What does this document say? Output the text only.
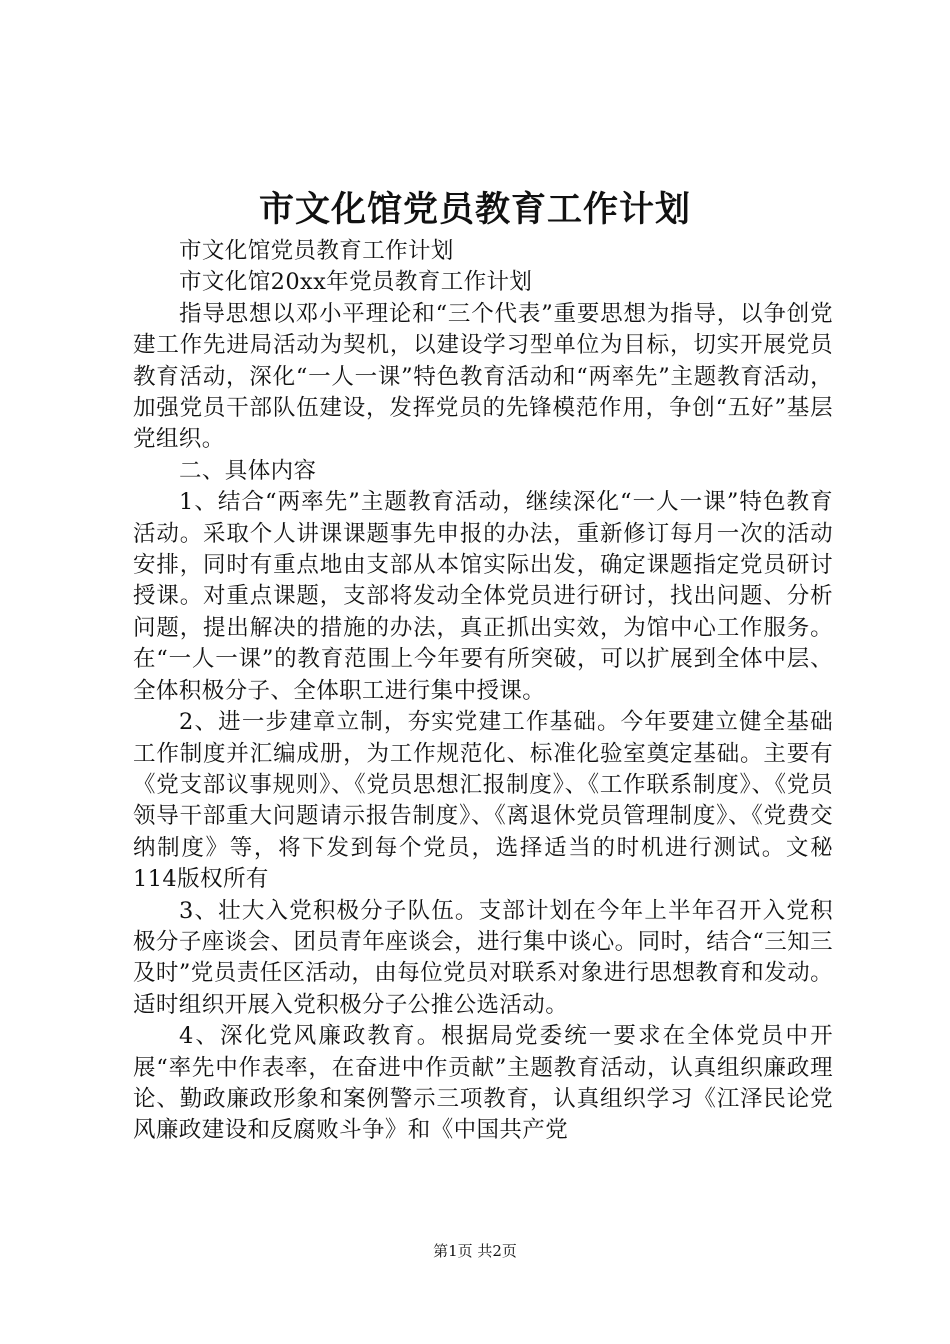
市文化馆党员教育工作计划

市文化馆党员教育工作计划

市文化馆20xx年党员教育工作计划

指导思想以邓小平理论和“三个代表”重要思想为指导，以争创党建工作先进局活动为契机，以建设学习型单位为目标，切实开展党员教育活动，深化“一人一课”特色教育活动和“两率先”主题教育活动，加强党员干部队伍建设，发挥党员的先锋模范作用，争创“五好”基层党组织。

二、具体内容

1、结合“两率先”主题教育活动，继续深化“一人一课”特色教育活动。采取个人讲课课题事先申报的办法，重新修订每月一次的活动安排，同时有重点地由支部从本馆实际出发，确定课题指定党员研讨授课。对重点课题，支部将发动全体党员进行研讨，找出问题、分析问题，提出解决的措施的办法，真正抓出实效，为馆中心工作服务。在“一人一课”的教育范围上今年要有所突破，可以扩展到全体中层、全体积极分子、全体职工进行集中授课。

2、进一步建章立制，夯实党建工作基础。今年要建立健全基础工作制度并汇编成册，为工作规范化、标准化验室奠定基础。主要有《党支部议事规则》、《党员思想汇报制度》、《工作联系制度》、《党员领导干部重大问题请示报告制度》、《离退休党员管理制度》、《党费交纳制度》等，将下发到每个党员，选择适当的时机进行测试。文秘114版权所有

3、壮大入党积极分子队伍。支部计划在今年上半年召开入党积极分子座谈会、团员青年座谈会，进行集中谈心。同时，结合“三知三及时”党员责任区活动，由每位党员对联系对象进行思想教育和发动。适时组织开展入党积极分子公推公选活动。

4、深化党风廉政教育。根据局党委统一要求在全体党员中开展“率先中作表率，在奋进中作贡献”主题教育活动，认真组织廉政理论、勤政廉政形象和案例警示三项教育，认真组织学习《江泽民论党风廉政建设和反腐败斗争》和《中国共产党

第1页 共2页
